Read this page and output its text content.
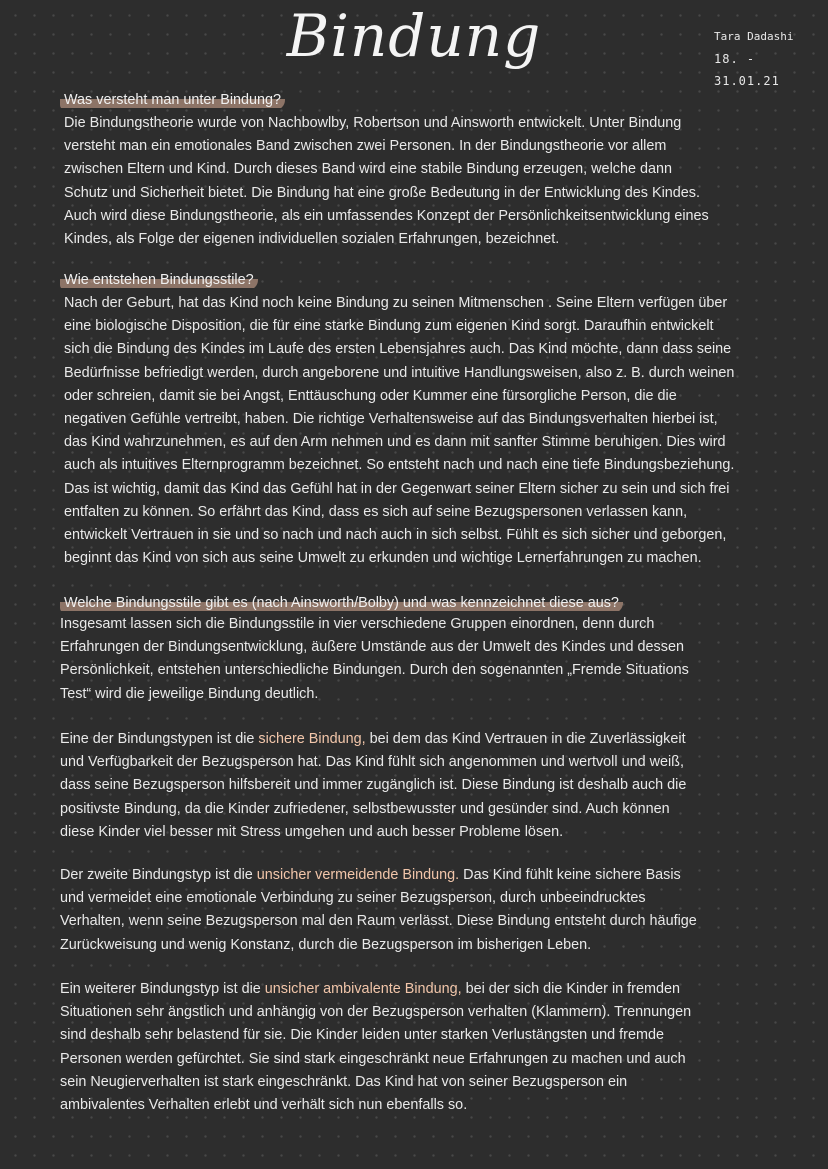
Bindung	Tara Dadashi
18. - 31.01.21
Was versteht man unter Bindung?

Die Bindungstheorie wurde von Nachbowlby, Robertson und Ainsworth entwickelt. Unter Bindung
versteht man ein emotionales Band zwischen zwei Personen. In der Bindungstheorie vor allem
zwischen Eltern und Kind. Durch dieses Band wird eine stabile Bindung erzeugen, welche dann
Schutz und Sicherheit bietet. Die Bindung hat eine große Bedeutung in der Entwicklung des Kindes.
Auch wird diese Bindungstheorie, als ein umfassendes Konzept der Persönlichkeitsentwicklung eines
Kindes, als Folge der eigenen individuellen sozialen Erfahrungen, bezeichnet.

Wie entstehen Bindungsstile?

Nach der Geburt, hat das Kind noch keine Bindung zu seinen Mitmenschen . Seine Eltern verfügen über
eine biologische Disposition, die für eine starke Bindung zum eigenen Kind sorgt. Daraufhin entwickelt
sich die Bindung des Kindes im Laufe des ersten Lebensjahres auch. Das Kind möchte, dann dass seine
Bedürfnisse befriedigt werden, durch angeborene und intuitive Handlungsweisen, also z. B. durch weinen
oder schreien, damit sie bei Angst, Enttäuschung oder Kummer eine fürsorgliche Person, die die
negativen Gefühle vertreibt, haben. Die richtige Verhaltensweise auf das Bindungsverhalten hierbei ist,
das Kind wahrzunehmen, es auf den Arm nehmen und es dann mit sanfter Stimme beruhigen. Dies wird
auch als intuitives Elternprogramm bezeichnet. So entsteht nach und nach eine tiefe Bindungsbeziehung.
Das ist wichtig, damit das Kind das Gefühl hat in der Gegenwart seiner Eltern sicher zu sein und sich frei
entfalten zu können. So erfährt das Kind, dass es sich auf seine Bezugspersonen verlassen kann,
entwickelt Vertrauen in sie und so nach und nach auch in sich selbst. Fühlt es sich sicher und geborgen,
beginnt das Kind von sich aus seine Umwelt zu erkunden und wichtige Lernerfahrungen zu machen.

Welche Bindungsstile gibt es (nach Ainsworth/Bolby) und was kennzeichnet diese aus?

Insgesamt lassen sich die Bindungsstile in vier verschiedene Gruppen einordnen, denn durch
Erfahrungen der Bindungsentwicklung, äußere Umstände aus der Umwelt des Kindes und dessen
Persönlichkeit, entstehen unterschiedliche Bindungen. Durch den sogenannten „Fremde Situations
Test“ wird die jeweilige Bindung deutlich.

Eine der Bindungstypen ist die sichere Bindung, bei dem das Kind Vertrauen in die Zuverlässigkeit
und Verfügbarkeit der Bezugsperson hat. Das Kind fühlt sich angenommen und wertvoll und weiß,
dass seine Bezugsperson hilfsbereit und immer zugänglich ist. Diese Bindung ist deshalb auch die
positivste Bindung, da die Kinder zufriedener, selbstbewusster und gesünder sind. Auch können
diese Kinder viel besser mit Stress umgehen und auch besser Probleme lösen.

Der zweite Bindungstyp ist die unsicher vermeidende Bindung. Das Kind fühlt keine sichere Basis
und vermeidet eine emotionale Verbindung zu seiner Bezugsperson, durch unbeeindrucktes
Verhalten, wenn seine Bezugsperson mal den Raum verlässt. Diese Bindung entsteht durch häufige
Zurückweisung und wenig Konstanz, durch die Bezugsperson im bisherigen Leben.

Ein weiterer Bindungstyp ist die unsicher ambivalente Bindung, bei der sich die Kinder in fremden
Situationen sehr ängstlich und anhängig von der Bezugsperson verhalten (Klammern). Trennungen
sind deshalb sehr belastend für sie. Die Kinder leiden unter starken Verlustängsten und fremde
Personen werden gefürchtet. Sie sind stark eingeschränkt neue Erfahrungen zu machen und auch
sein Neugierverhalten ist stark eingeschränkt. Das Kind hat von seiner Bezugsperson ein
ambivalentes Verhalten erlebt und verhält sich nun ebenfalls so.
